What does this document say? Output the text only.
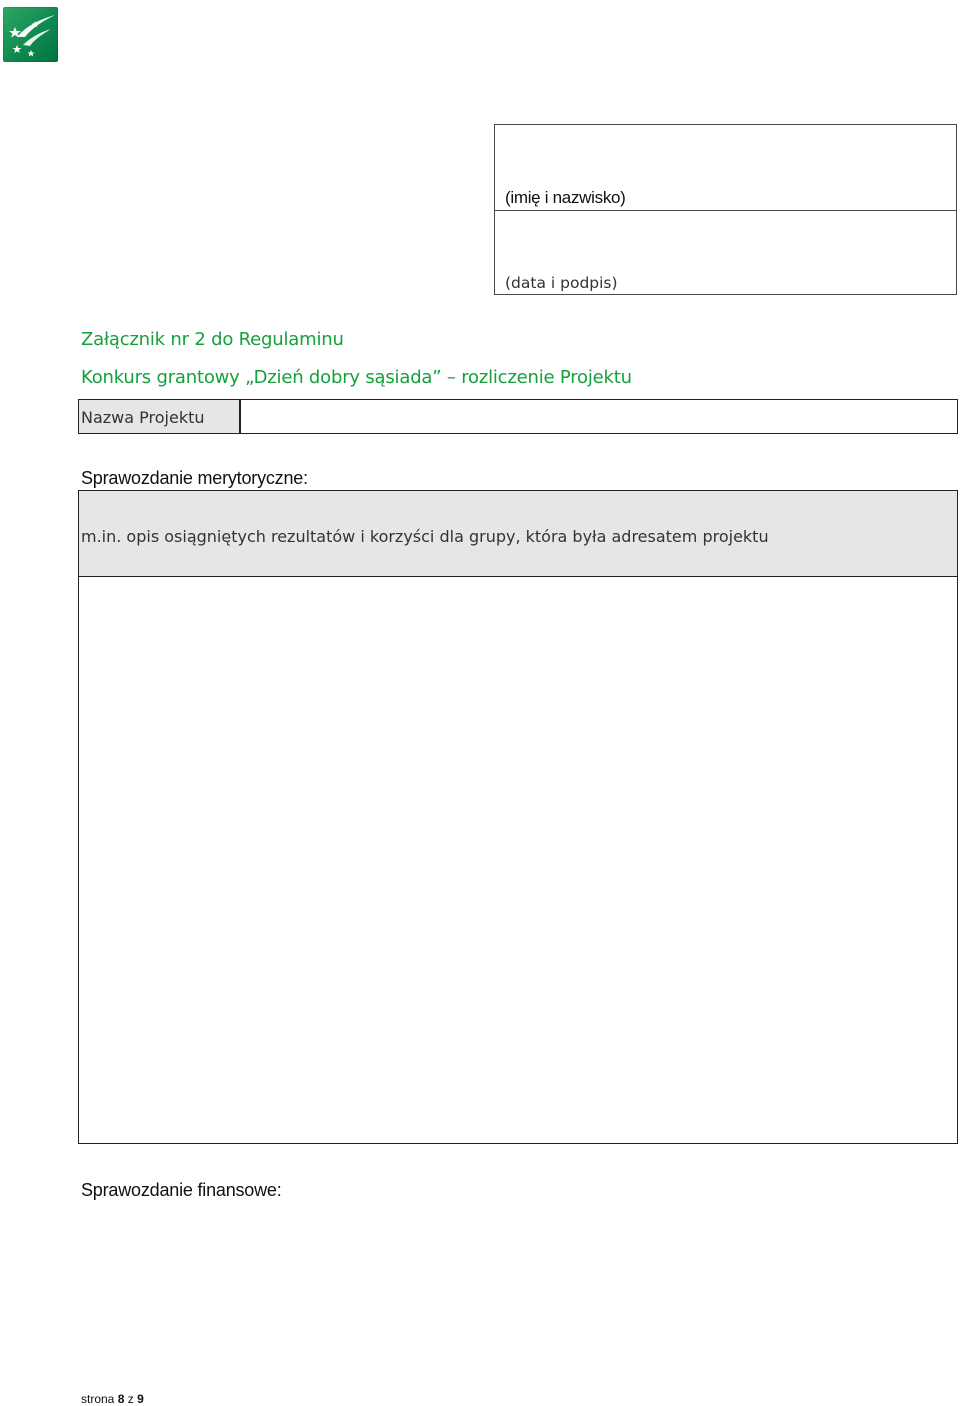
(imię i nazwisko)
(data i podpis)
Załącznik nr 2 do Regulaminu
Konkurs grantowy „Dzień dobry sąsiada” – rozliczenie Projektu
Nazwa Projektu
Sprawozdanie merytoryczne:
m.in. opis osiągniętych rezultatów i korzyści dla grupy, która była adresatem projektu
Sprawozdanie finansowe:
strona 8 z 9
